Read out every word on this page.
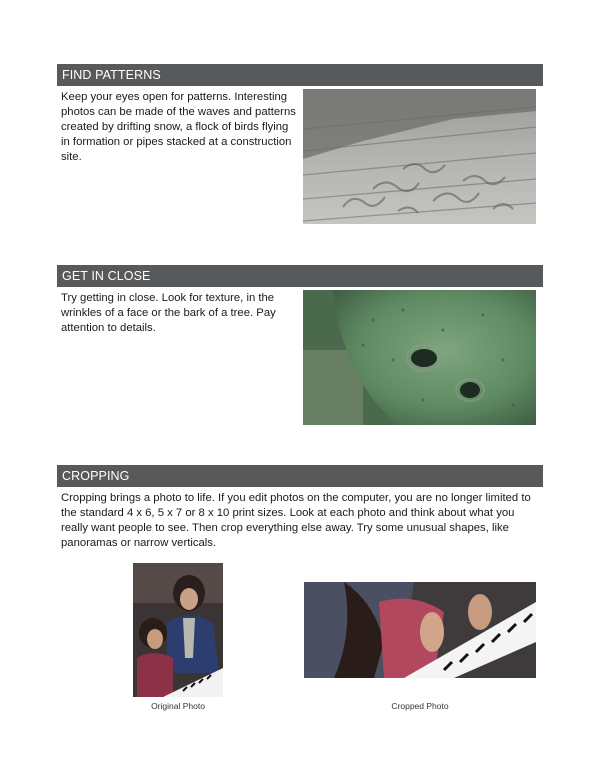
FIND PATTERNS
Keep your eyes open for patterns. Interesting photos can be made of the waves and patterns created by drifting snow, a flock of birds flying in formation or pipes stacked at a construction site.
GET IN CLOSE
Try getting in close. Look for texture, in the wrinkles of a face or the bark of a tree. Pay attention to details.
CROPPING
Cropping brings a photo to life. If you edit photos on the computer, you are no longer limited to the standard 4 x 6, 5 x 7 or 8 x 10 print sizes. Look at each photo and think about what you really want people to see. Then crop everything else away. Try some unusual shapes, like panoramas or narrow verticals.
Original Photo	Cropped Photo
